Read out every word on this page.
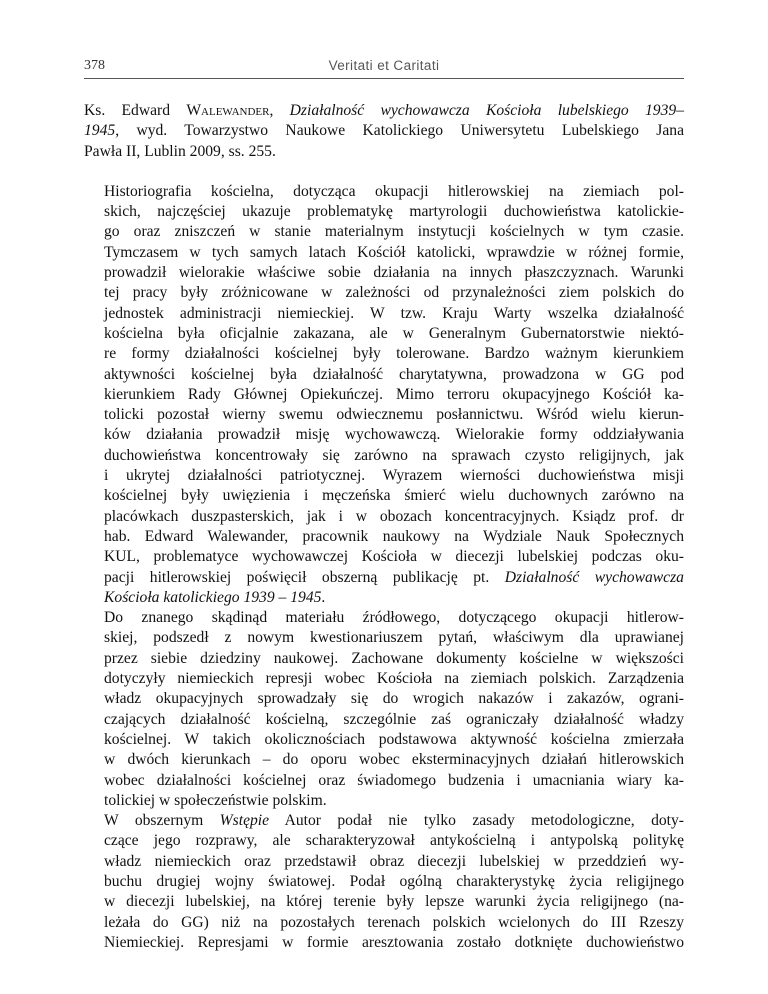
378	Veritati et Caritati
Ks. Edward Walewander, Działalność wychowawcza Kościoła lubelskiego 1939–
1945, wyd. Towarzystwo Naukowe Katolickiego Uniwersytetu Lubelskiego Jana
Pawła II, Lublin 2009, ss. 255.

Historiografia kościelna, dotycząca okupacji hitlerowskiej na ziemiach pol-
skich, najczęściej ukazuje problematykę martyrologii duchowieństwa katolickie-
go oraz zniszczeń w stanie materialnym instytucji kościelnych w tym czasie.
Tymczasem w tych samych latach Kościół katolicki, wprawdzie w różnej formie,
prowadził wielorakie właściwe sobie działania na innych płaszczyznach. Warunki
tej pracy były zróżnicowane w zależności od przynależności ziem polskich do
jednostek administracji niemieckiej. W tzw. Kraju Warty wszelka działalność
kościelna była oficjalnie zakazana, ale w Generalnym Gubernatorstwie niektó-
re formy działalności kościelnej były tolerowane. Bardzo ważnym kierunkiem
aktywności kościelnej była działalność charytatywna, prowadzona w GG pod
kierunkiem Rady Głównej Opiekuńczej. Mimo terroru okupacyjnego Kościół ka-
tolicki pozostał wierny swemu odwiecznemu posłannictwu. Wśród wielu kierun-
ków działania prowadził misję wychowawczą. Wielorakie formy oddziaływania
duchowieństwa koncentrowały się zarówno na sprawach czysto religijnych, jak
i ukrytej działalności patriotycznej. Wyrazem wierności duchowieństwa misji
kościelnej były uwięzienia i męczeńska śmierć wielu duchownych zarówno na
placówkach duszpasterskich, jak i w obozach koncentracyjnych. Ksiądz prof. dr
hab. Edward Walewander, pracownik naukowy na Wydziale Nauk Społecznych
KUL, problematyce wychowawczej Kościoła w diecezji lubelskiej podczas oku-
pacji hitlerowskiej poświęcił obszerną publikację pt. Działalność wychowawcza
Kościoła katolickiego 1939 – 1945.

Do znanego skądinąd materiału źródłowego, dotyczącego okupacji hitlerow-
skiej, podszedł z nowym kwestionariuszem pytań, właściwym dla uprawianej
przez siebie dziedziny naukowej. Zachowane dokumenty kościelne w większości
dotyczyły niemieckich represji wobec Kościoła na ziemiach polskich. Zarządzenia
władz okupacyjnych sprowadzały się do wrogich nakazów i zakazów, ograni-
czających działalność kościelną, szczególnie zaś ograniczały działalność władzy
kościelnej. W takich okolicznościach podstawowa aktywność kościelna zmierzała
w dwóch kierunkach – do oporu wobec eksterminacyjnych działań hitlerowskich
wobec działalności kościelnej oraz świadomego budzenia i umacniania wiary ka-
tolickiej w społeczeństwie polskim.

W obszernym Wstępie Autor podał nie tylko zasady metodologiczne, doty-
czące jego rozprawy, ale scharakteryzował antykościelną i antypolską politykę
władz niemieckich oraz przedstawił obraz diecezji lubelskiej w przeddzień wy-
buchu drugiej wojny światowej. Podał ogólną charakterystykę życia religijnego
w diecezji lubelskiej, na której terenie były lepsze warunki życia religijnego (na-
leżała do GG) niż na pozostałych terenach polskich wcielonych do III Rzeszy
Niemieckiej. Represjami w formie aresztowania zostało dotknięte duchowieństwo
